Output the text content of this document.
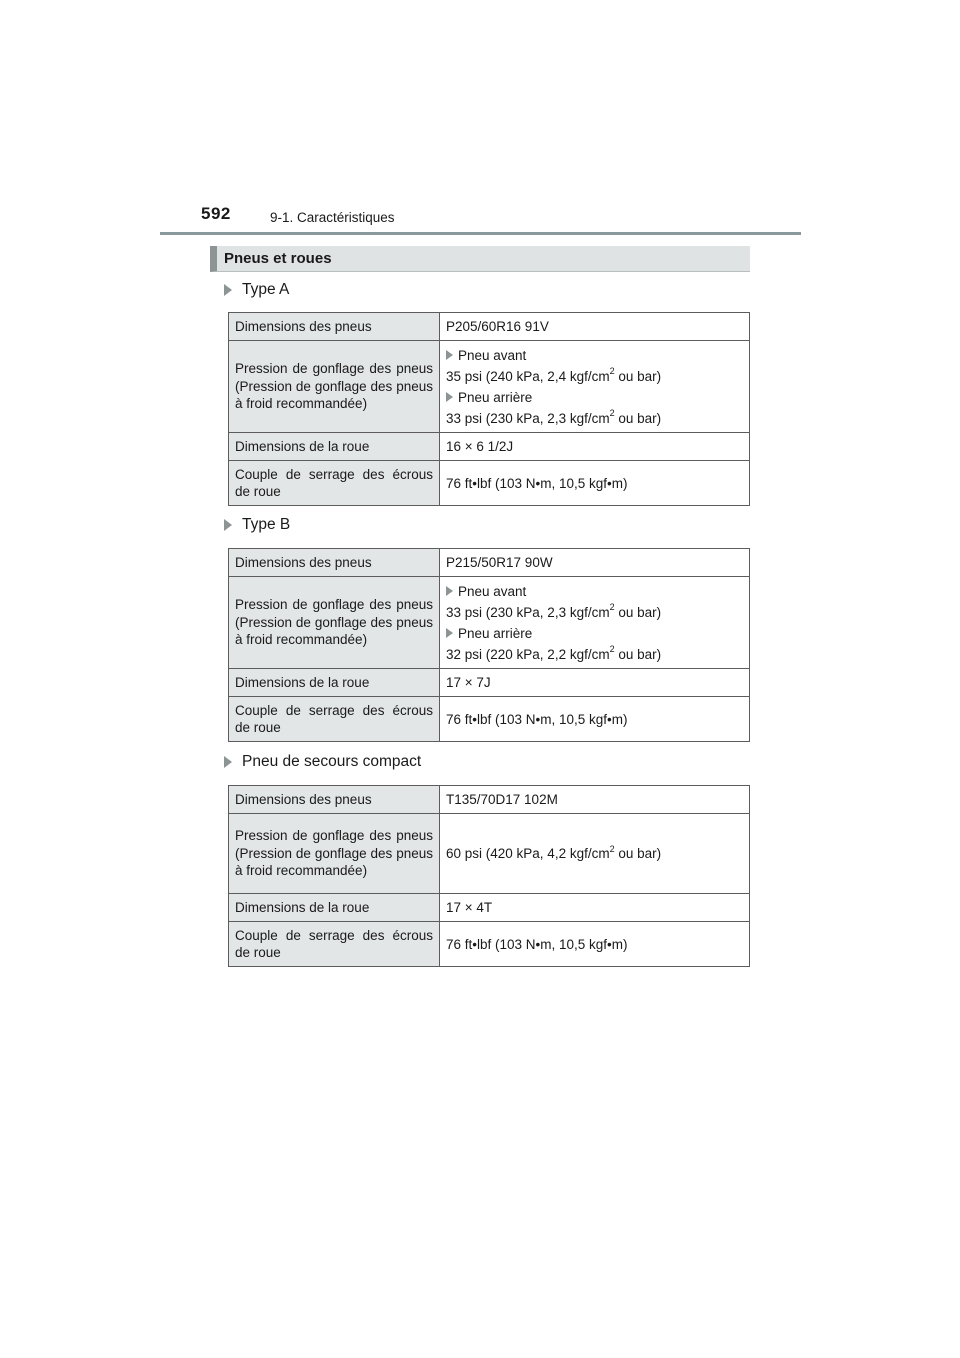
592	9-1. Caractéristiques
Pneus et roues
Type A
Dimensions des pneus	P205/60R16 91V
Pression de gonflage des pneus (Pression de gonflage des pneus à froid recommandée)	Pneu avant
35 psi (240 kPa, 2,4 kgf/$cm^2$ ou bar)
Pneu arrière
33 psi (230 kPa, 2,3 kgf/$cm^2$ ou bar)

Dimensions de la roue	16 × 6 1/2J
Couple de serrage des écrous de roue	76 ft•lbf (103 N•m, 10,5 kgf•m)
Type B
Dimensions des pneus	P215/50R17 90W
Pression de gonflage des pneus (Pression de gonflage des pneus à froid recommandée)	Pneu avant
33 psi (230 kPa, 2,3 kgf/$cm^2$ ou bar)
Pneu arrière
32 psi (220 kPa, 2,2 kgf/$cm^2$ ou bar)

Dimensions de la roue	17 × 7J
Couple de serrage des écrous de roue	76 ft•lbf (103 N•m, 10,5 kgf•m)
Pneu de secours compact
Dimensions des pneus	T135/70D17 102M
Pression de gonflage des pneus (Pression de gonflage des pneus à froid recommandée)	60 psi (420 kPa, 4,2 kgf/$cm^2$ ou bar)
Dimensions de la roue	17 × 4T
Couple de serrage des écrous de roue	76 ft•lbf (103 N•m, 10,5 kgf•m)
